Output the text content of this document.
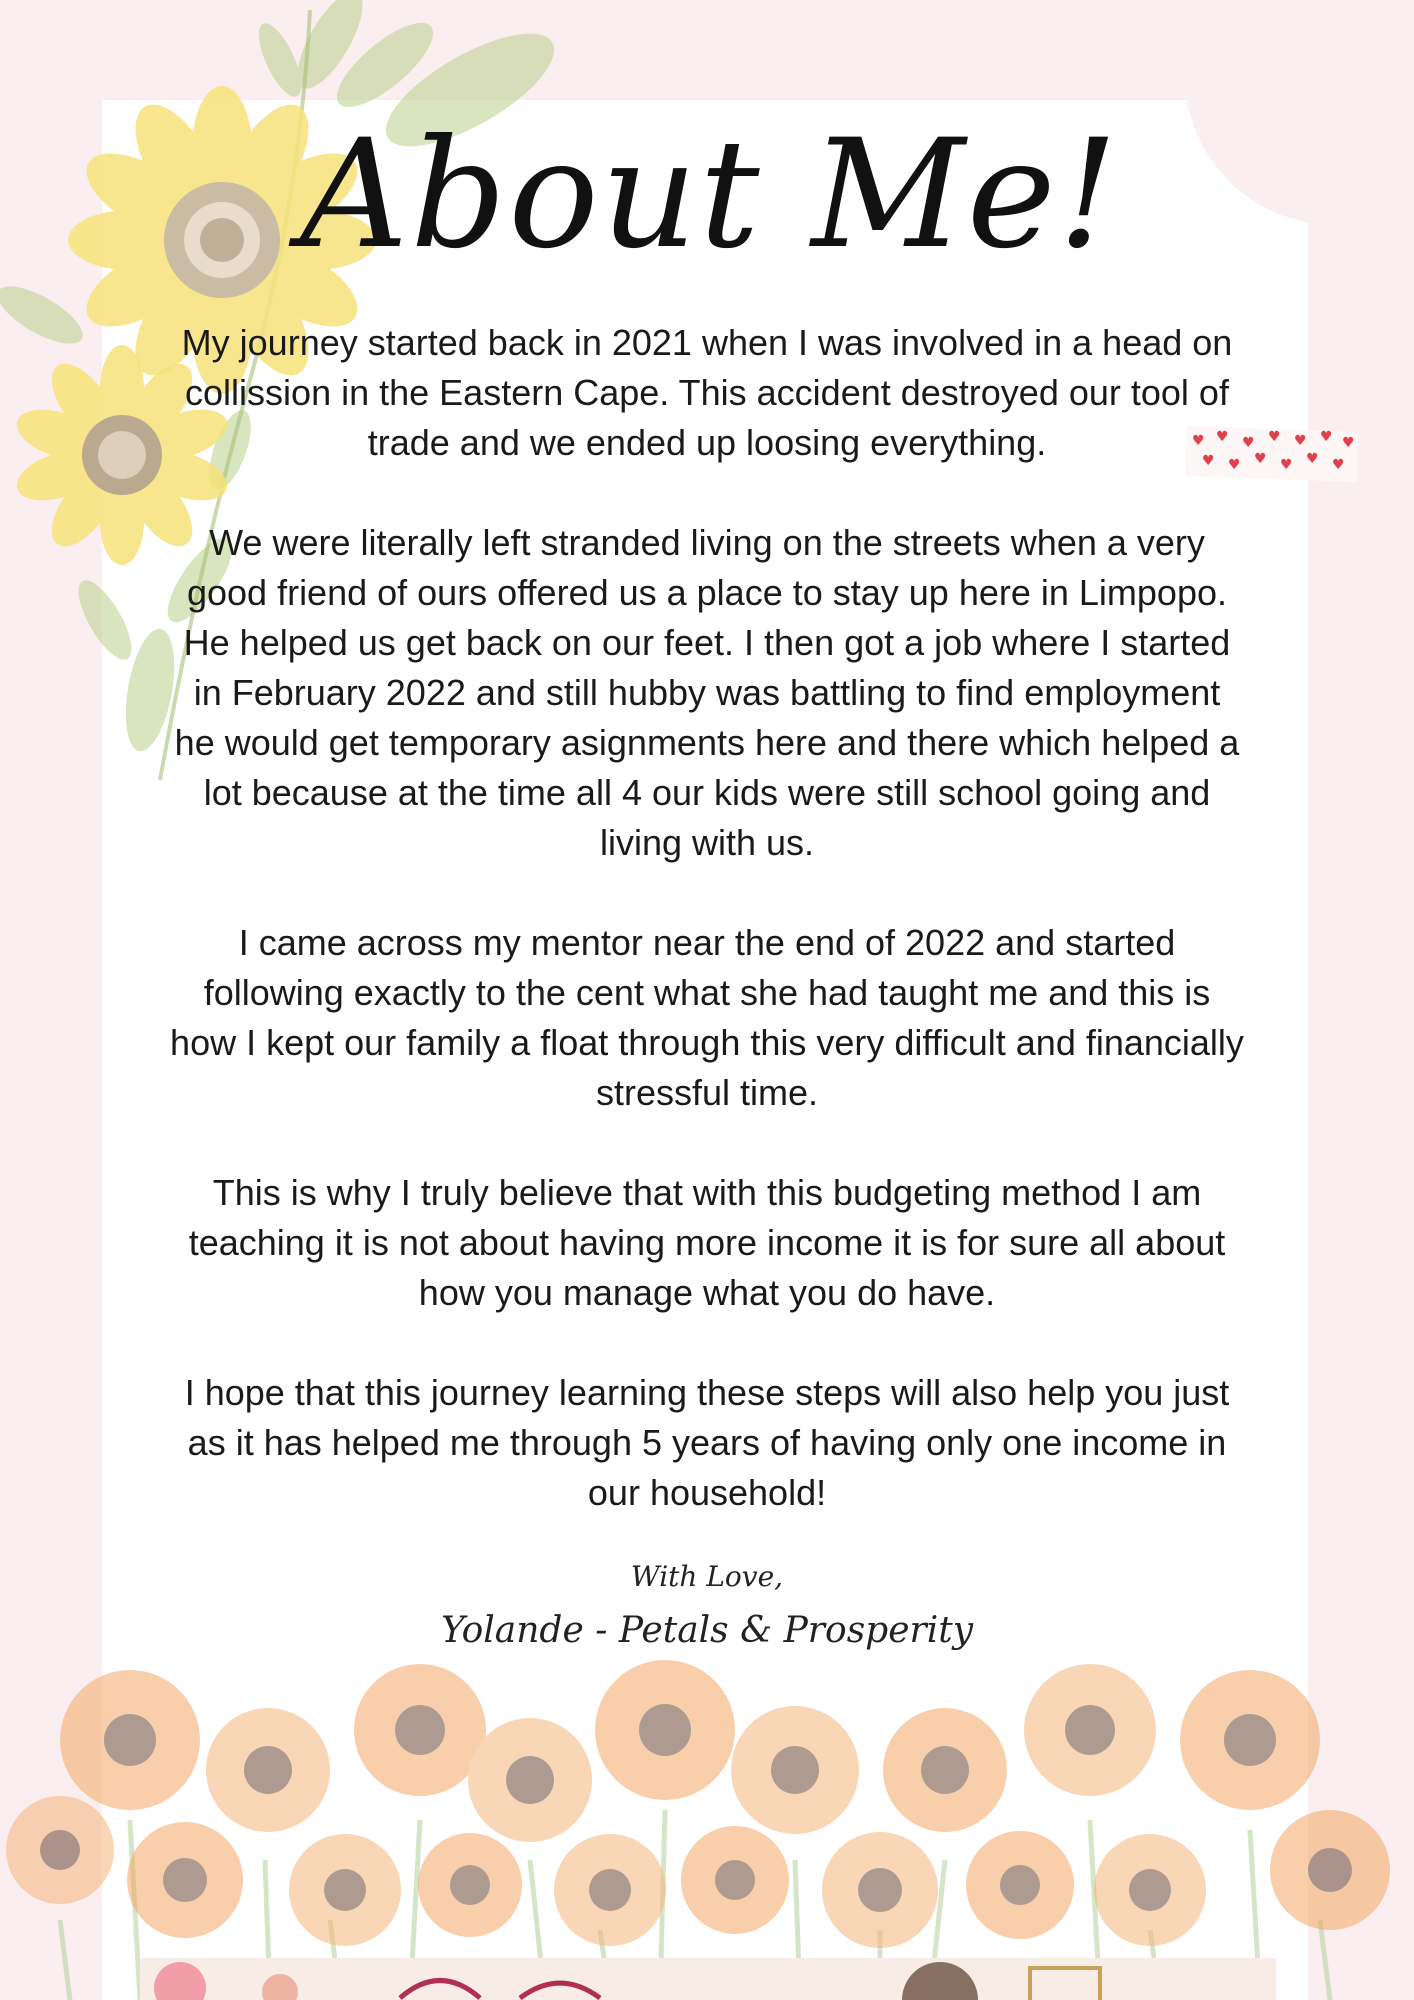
♥ ♥ ♥ ♥ ♥ ♥ ♥
♥ ♥ ♥ ♥ ♥ ♥
About Me!

My journey started back in 2021 when I was involved in a head on collission in the Eastern Cape. This accident destroyed our tool of trade and we ended up loosing everything.

We were literally left stranded living on the streets when a very good friend of ours offered us a place to stay up here in Limpopo. He helped us get back on our feet. I then got a job where I started in February 2022 and still hubby was battling to find employment he would get temporary asignments here and there which helped a lot because at the time all 4 our kids were still school going and living with us.

I came across my mentor near the end of 2022 and started following exactly to the cent what she had taught me and this is how I kept our family a float through this very difficult and financially stressful time.

This is why I truly believe that with this budgeting method I am teaching it is not about having more income it is for sure all about how you manage what you do have.

I hope that this journey learning these steps will also help you just as it has helped me through 5 years of having only one income in our household!

With Love,
Yolande - Petals & Prosperity
